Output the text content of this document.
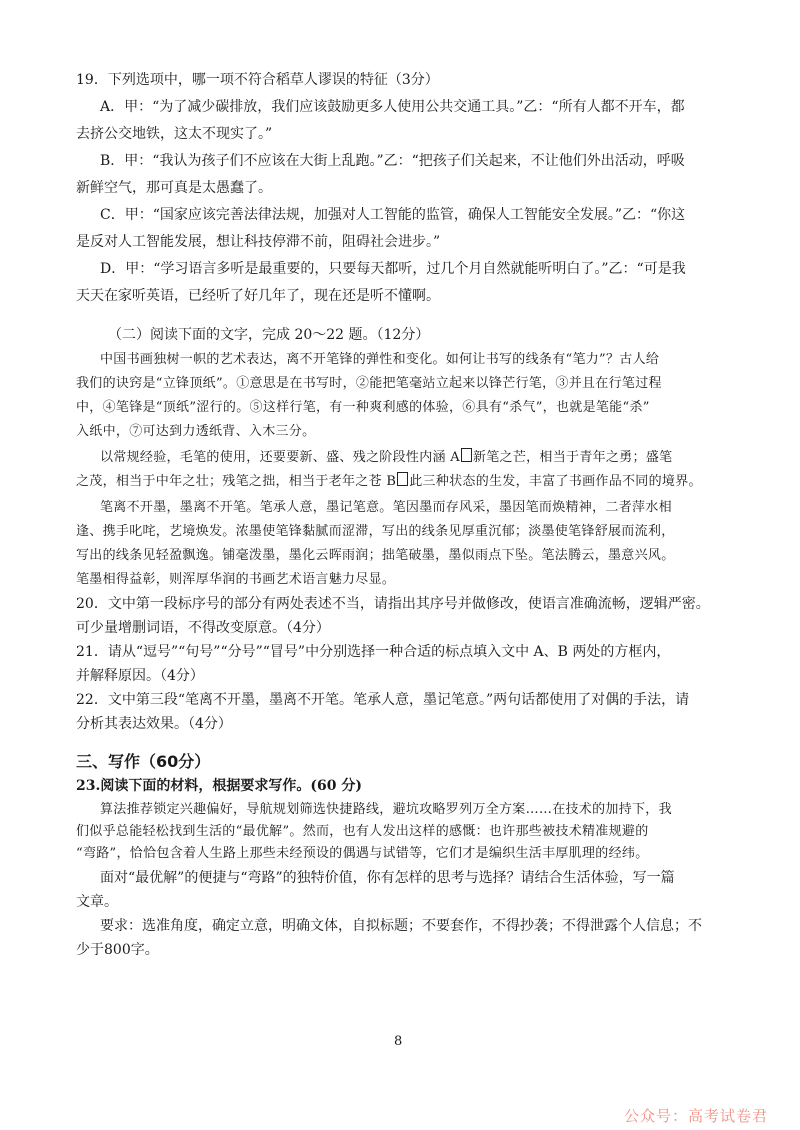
19．下列选项中，哪一项不符合稻草人谬误的特征（3分）
A．甲：“为了减少碳排放，我们应该鼓励更多人使用公共交通工具。”乙：“所有人都不开车，都
去挤公交地铁，这太不现实了。”
B．甲：“我认为孩子们不应该在大街上乱跑。”乙：“把孩子们关起来，不让他们外出活动，呼吸
新鲜空气，那可真是太愚蠢了。
C．甲：“国家应该完善法律法规，加强对人工智能的监管，确保人工智能安全发展。”乙：“你这
是反对人工智能发展，想让科技停滞不前，阻碍社会进步。”
D．甲：“学习语言多听是最重要的，只要每天都听，过几个月自然就能听明白了。”乙：“可是我
天天在家听英语，已经听了好几年了，现在还是听不懂啊。
（二）阅读下面的文字，完成 20～22 题。（12分）
中国书画独树一帜的艺术表达，离不开笔锋的弹性和变化。如何让书写的线条有“笔力”？古人给
我们的诀窍是“立锋顶纸”。①意思是在书写时，②能把笔毫站立起来以锋芒行笔，③并且在行笔过程
中，④笔锋是“顶纸”涩行的。⑤这样行笔，有一种爽利感的体验，⑥具有“杀气”，也就是笔能“杀”
入纸中，⑦可达到力透纸背、入木三分。
以常规经验，毛笔的使用，还要要新、盛、残之阶段性内涵 A 新笔之芒，相当于青年之勇；盛笔
之茂，相当于中年之壮；残笔之拙，相当于老年之苍 B 此三种状态的生发，丰富了书画作品不同的境界。
笔离不开墨，墨离不开笔。笔承人意，墨记笔意。笔因墨而存风采，墨因笔而焕精神，二者萍水相
逢、携手叱咤，艺境焕发。浓墨使笔锋黏腻而涩滞，写出的线条见厚重沉郁；淡墨使笔锋舒展而流利，
写出的线条见轻盈飘逸。铺毫泼墨，墨化云晖雨润；拙笔破墨，墨似雨点下坠。笔法腾云，墨意兴风。
笔墨相得益彰，则浑厚华润的书画艺术语言魅力尽显。
20．文中第一段标序号的部分有两处表述不当，请指出其序号并做修改，使语言准确流畅，逻辑严密。
可少量增删词语，不得改变原意。（4分）
21．请从“逗号”“句号”“分号”“冒号”中分别选择一种合适的标点填入文中 A、B 两处的方框内，
并解释原因。（4分）
22．文中第三段“笔离不开墨，墨离不开笔。笔承人意，墨记笔意。”两句话都使用了对偶的手法，请
分析其表达效果。（4分）
三、写作（60分）
23.阅读下面的材料，根据要求写作。(60 分)
算法推荐锁定兴趣偏好，导航规划筛选快捷路线，避坑攻略罗列万全方案……在技术的加持下，我
们似乎总能轻松找到生活的“最优解”。然而，也有人发出这样的感慨：也许那些被技术精准规避的
“弯路”，恰恰包含着人生路上那些未经预设的偶遇与试错等，它们才是编织生活丰厚肌理的经纬。
面对“最优解”的便捷与“弯路”的独特价值，你有怎样的思考与选择？请结合生活体验，写一篇
文章。
要求：选准角度，确定立意，明确文体，自拟标题；不要套作，不得抄袭；不得泄露个人信息；不
少于800字。
8
公众号：高考试卷君
